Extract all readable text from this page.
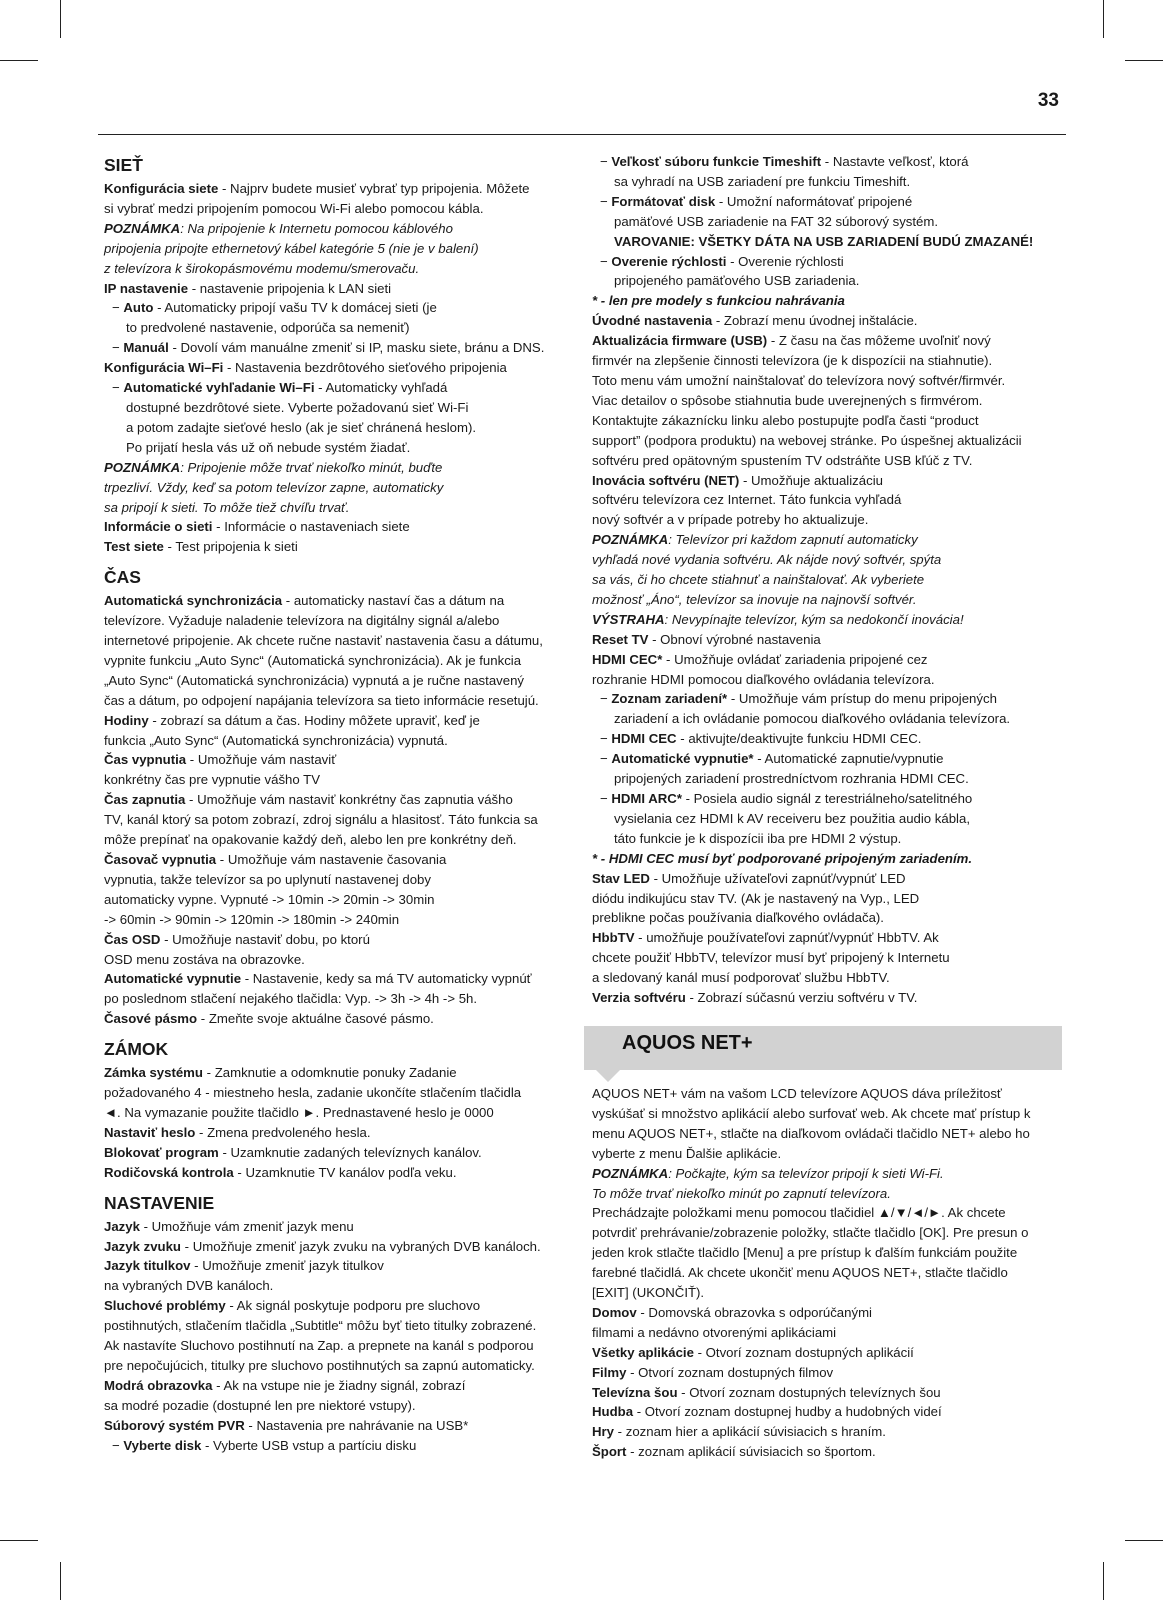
33
SIEŤ

Konfigurácia siete - Najprv budete musieť vybrať typ pripojenia. Môžete

si vybrať medzi pripojením pomocou Wi-Fi alebo pomocou kábla.

POZNÁMKA: Na pripojenie k Internetu pomocou káblového

pripojenia pripojte ethernetový kábel kategórie 5 (nie je v balení)

z televízora k širokopásmovému modemu/smerovaču.

IP nastavenie - nastavenie pripojenia k LAN sieti

− Auto - Automaticky pripojí vašu TV k domácej sieti (je

to predvolené nastavenie, odporúča sa nemeniť)

− Manuál - Dovolí vám manuálne zmeniť si IP, masku siete, bránu a DNS.

Konfigurácia Wi–Fi - Nastavenia bezdrôtového sieťového pripojenia

− Automatické vyhľadanie Wi–Fi - Automaticky vyhľadá

dostupné bezdrôtové siete. Vyberte požadovanú sieť Wi-Fi

a potom zadajte sieťové heslo (ak je sieť chránená heslom).

Po prijatí hesla vás už oň nebude systém žiadať.

POZNÁMKA: Pripojenie môže trvať niekoľko minút, buďte

trpezliví. Vždy, keď sa potom televízor zapne, automaticky

sa pripojí k sieti. To môže tiež chvíľu trvať.

Informácie o sieti - Informácie o nastaveniach siete

Test siete - Test pripojenia k sieti

ČAS

Automatická synchronizácia - automaticky nastaví čas a dátum na

televízore. Vyžaduje naladenie televízora na digitálny signál a/alebo

internetové pripojenie. Ak chcete ručne nastaviť nastavenia času a dátumu,

vypnite funkciu „Auto Sync“ (Automatická synchronizácia). Ak je funkcia

„Auto Sync“ (Automatická synchronizácia) vypnutá a je ručne nastavený

čas a dátum, po odpojení napájania televízora sa tieto informácie resetujú.

Hodiny - zobrazí sa dátum a čas. Hodiny môžete upraviť, keď je

funkcia „Auto Sync“ (Automatická synchronizácia) vypnutá.

Čas vypnutia - Umožňuje vám nastaviť

konkrétny čas pre vypnutie vášho TV

Čas zapnutia - Umožňuje vám nastaviť konkrétny čas zapnutia vášho

TV, kanál ktorý sa potom zobrazí, zdroj signálu a hlasitosť. Táto funkcia sa

môže prepínať na opakovanie každý deň, alebo len pre konkrétny deň.

Časovač vypnutia - Umožňuje vám nastavenie časovania

vypnutia, takže televízor sa po uplynutí nastavenej doby

automaticky vypne. Vypnuté -> 10min -> 20min -> 30min

-> 60min -> 90min -> 120min -> 180min -> 240min

Čas OSD - Umožňuje nastaviť dobu, po ktorú

OSD menu zostáva na obrazovke.

Automatické vypnutie - Nastavenie, kedy sa má TV automaticky vypnúť

po poslednom stlačení nejakého tlačidla: Vyp. -> 3h -> 4h -> 5h.

Časové pásmo - Zmeňte svoje aktuálne časové pásmo.

ZÁMOK

Zámka systému - Zamknutie a odomknutie ponuky Zadanie

požadovaného 4 - miestneho hesla, zadanie ukončíte stlačením tlačidla

◄. Na vymazanie použite tlačidlo ►. Prednastavené heslo je 0000

Nastaviť heslo - Zmena predvoleného hesla.

Blokovať program - Uzamknutie zadaných televíznych kanálov.

Rodičovská kontrola - Uzamknutie TV kanálov podľa veku.

NASTAVENIE

Jazyk - Umožňuje vám zmeniť jazyk menu

Jazyk zvuku - Umožňuje zmeniť jazyk zvuku na vybraných DVB kanáloch.

Jazyk titulkov - Umožňuje zmeniť jazyk titulkov

na vybraných DVB kanáloch.

Sluchové problémy - Ak signál poskytuje podporu pre sluchovo

postihnutých, stlačením tlačidla „Subtitle“ môžu byť tieto titulky zobrazené.

Ak nastavíte Sluchovo postihnutí na Zap. a prepnete na kanál s podporou

pre nepočujúcich, titulky pre sluchovo postihnutých sa zapnú automaticky.

Modrá obrazovka - Ak na vstupe nie je žiadny signál, zobrazí

sa modré pozadie (dostupné len pre niektoré vstupy).

Súborový systém PVR - Nastavenia pre nahrávanie na USB*

− Vyberte disk - Vyberte USB vstup a partíciu disku

− Veľkosť súboru funkcie Timeshift - Nastavte veľkosť, ktorá

sa vyhradí na USB zariadení pre funkciu Timeshift.

− Formátovať disk - Umožní naformátovať pripojené

pamäťové USB zariadenie na FAT 32 súborový systém.

VAROVANIE: VŠETKY DÁTA NA USB ZARIADENÍ BUDÚ ZMAZANÉ!

− Overenie rýchlosti - Overenie rýchlosti

pripojeného pamäťového USB zariadenia.

* - len pre modely s funkciou nahrávania

Úvodné nastavenia - Zobrazí menu úvodnej inštalácie.

Aktualizácia firmware (USB) - Z času na čas môžeme uvoľniť nový

firmvér na zlepšenie činnosti televízora (je k dispozícii na stiahnutie).

Toto menu vám umožní nainštalovať do televízora nový softvér/firmvér.

Viac detailov o spôsobe stiahnutia bude uverejnených s firmvérom.

Kontaktujte zákaznícku linku alebo postupujte podľa časti “product

support” (podpora produktu) na webovej stránke. Po úspešnej aktualizácii

softvéru pred opätovným spustením TV odstráňte USB kľúč z TV.

Inovácia softvéru (NET) - Umožňuje aktualizáciu

softvéru televízora cez Internet. Táto funkcia vyhľadá

nový softvér a v prípade potreby ho aktualizuje.

POZNÁMKA: Televízor pri každom zapnutí automaticky

vyhľadá nové vydania softvéru. Ak nájde nový softvér, spýta

sa vás, či ho chcete stiahnuť a nainštalovať. Ak vyberiete

možnosť „Áno“, televízor sa inovuje na najnovší softvér.

VÝSTRAHA: Nevypínajte televízor, kým sa nedokončí inovácia!

Reset TV - Obnoví výrobné nastavenia

HDMI CEC* - Umožňuje ovládať zariadenia pripojené cez

rozhranie HDMI pomocou diaľkového ovládania televízora.

− Zoznam zariadení* - Umožňuje vám prístup do menu pripojených

zariadení a ich ovládanie pomocou diaľkového ovládania televízora.

− HDMI CEC - aktivujte/deaktivujte funkciu HDMI CEC.

− Automatické vypnutie* - Automatické zapnutie/vypnutie

pripojených zariadení prostredníctvom rozhrania HDMI CEC.

− HDMI ARC* - Posiela audio signál z terestriálneho/satelitného

vysielania cez HDMI k AV receiveru bez použitia audio kábla,

táto funkcie je k dispozícii iba pre HDMI 2 výstup.

* - HDMI CEC musí byť podporované pripojeným zariadením.

Stav LED - Umožňuje užívateľovi zapnúť/vypnúť LED

diódu indikujúcu stav TV. (Ak je nastavený na Vyp., LED

preblikne počas používania diaľkového ovládača).

HbbTV - umožňuje používateľovi zapnúť/vypnúť HbbTV. Ak

chcete použiť HbbTV, televízor musí byť pripojený k Internetu

a sledovaný kanál musí podporovať službu HbbTV.

Verzia softvéru - Zobrazí súčasnú verziu softvéru v TV.

AQUOS NET+

AQUOS NET+ vám na vašom LCD televízore AQUOS dáva príležitosť

vyskúšať si množstvo aplikácií alebo surfovať web. Ak chcete mať prístup k

menu AQUOS NET+, stlačte na diaľkovom ovládači tlačidlo NET+ alebo ho

vyberte z menu Ďalšie aplikácie.

POZNÁMKA: Počkajte, kým sa televízor pripojí k sieti Wi-Fi.

To môže trvať niekoľko minút po zapnutí televízora.

Prechádzajte položkami menu pomocou tlačidiel ▲/▼/◄/►. Ak chcete

potvrdiť prehrávanie/zobrazenie položky, stlačte tlačidlo [OK]. Pre presun o

jeden krok stlačte tlačidlo [Menu] a pre prístup k ďalším funkciám použite

farebné tlačidlá. Ak chcete ukončiť menu AQUOS NET+, stlačte tlačidlo

[EXIT] (UKONČIŤ).

Domov - Domovská obrazovka s odporúčanými

filmami a nedávno otvorenými aplikáciami

Všetky aplikácie - Otvorí zoznam dostupných aplikácií

Filmy - Otvorí zoznam dostupných filmov

Televízna šou - Otvorí zoznam dostupných televíznych šou

Hudba - Otvorí zoznam dostupnej hudby a hudobných videí

Hry - zoznam hier a aplikácií súvisiacich s hraním.

Šport - zoznam aplikácií súvisiacich so športom.
